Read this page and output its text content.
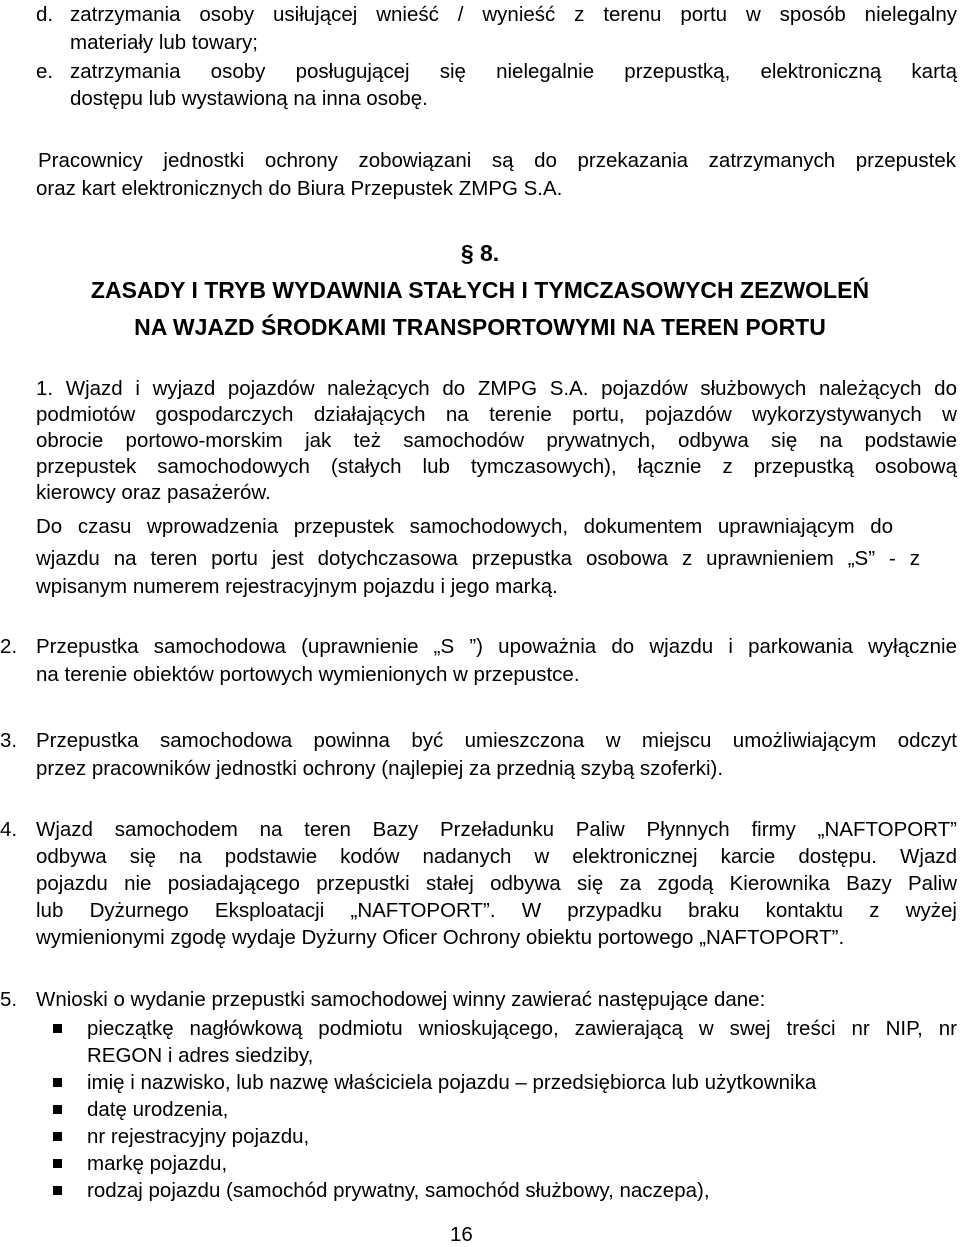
d. zatrzymania osoby usiłującej wnieść / wynieść z terenu portu w sposób nielegalny
materiały lub towary;
e. zatrzymania osoby posługującej się nielegalnie przepustką, elektroniczną kartą
dostępu lub wystawioną na inna osobę.
Pracownicy jednostki ochrony zobowiązani są do przekazania zatrzymanych przepustek
oraz kart elektronicznych do Biura Przepustek ZMPG S.A.
§ 8.
ZASADY I TRYB WYDAWNIA STAŁYCH I TYMCZASOWYCH ZEZWOLEŃ
NA WJAZD ŚRODKAMI TRANSPORTOWYMI NA TEREN PORTU
1. Wjazd i wyjazd pojazdów należących do ZMPG S.A. pojazdów służbowych należących do
podmiotów gospodarczych działających na terenie portu, pojazdów wykorzystywanych w
obrocie portowo-morskim jak też samochodów prywatnych, odbywa się na podstawie
przepustek samochodowych (stałych lub tymczasowych), łącznie z przepustką osobową
kierowcy oraz pasażerów.
Do czasu wprowadzenia przepustek samochodowych, dokumentem uprawniającym do
wjazdu na teren portu jest dotychczasowa przepustka osobowa z uprawnieniem „S” - z
wpisanym numerem rejestracyjnym pojazdu i jego marką.
2. Przepustka samochodowa (uprawnienie „S ”) upoważnia do wjazdu i parkowania wyłącznie
na terenie obiektów portowych wymienionych w przepustce.
3. Przepustka samochodowa powinna być umieszczona w miejscu umożliwiającym odczyt
przez pracowników jednostki ochrony (najlepiej za przednią szybą szoferki).
4. Wjazd samochodem na teren Bazy Przeładunku Paliw Płynnych firmy „NAFTOPORT”
odbywa się na podstawie kodów nadanych w elektronicznej karcie dostępu. Wjazd
pojazdu nie posiadającego przepustki stałej odbywa się za zgodą Kierownika Bazy Paliw
lub Dyżurnego Eksploatacji „NAFTOPORT”. W przypadku braku kontaktu z wyżej
wymienionymi zgodę wydaje Dyżurny Oficer Ochrony obiektu portowego „NAFTOPORT”.
5. Wnioski o wydanie przepustki samochodowej winny zawierać następujące dane:
pieczątkę nagłówkową podmiotu wnioskującego, zawierającą w swej treści nr NIP, nr
REGON i adres siedziby,
imię i nazwisko, lub nazwę właściciela pojazdu – przedsiębiorca lub użytkownika
datę urodzenia,
nr rejestracyjny pojazdu,
markę pojazdu,
rodzaj pojazdu (samochód prywatny, samochód służbowy, naczepa),
16
